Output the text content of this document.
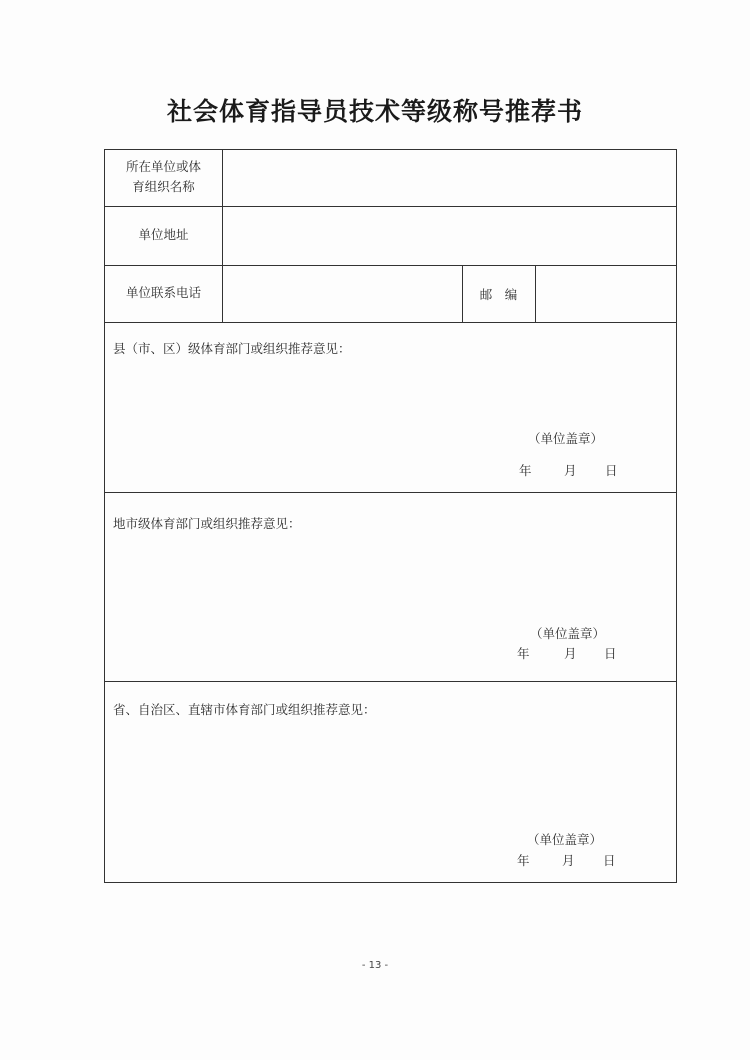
社会体育指导员技术等级称号推荐书
所在单位或体
育组织名称
单位地址
单位联系电话	邮　编
县（市、区）级体育部门或组织推荐意见：
（单位盖章）
年	月 日
地市级体育部门或组织推荐意见：
（单位盖章）
年	月 日
省、自治区、直辖市体育部门或组织推荐意见：
（单位盖章）
年	月 日
- 13 -
